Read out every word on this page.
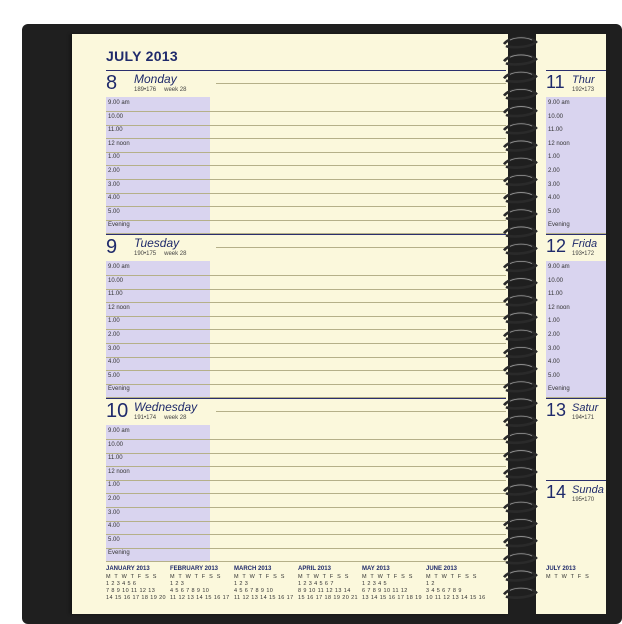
JULY 2013
8 Monday
189•176 week 28
9.00 am
10.00
11.00
12 noon
1.00
2.00
3.00
4.00
5.00
Evening
9 Tuesday
190•175 week 28
9.00 am
10.00
11.00
12 noon
1.00
2.00
3.00
4.00
5.00
Evening
10 Wednesday
191•174 week 28
9.00 am
10.00
11.00
12 noon
1.00
2.00
3.00
4.00
5.00
Evening
JANUARY 2013
M T W T F S S
1 2 3 4 5 6
7 8 9 10 11 12 13
14 15 16 17 18 19 20
FEBRUARY 2013
M T W T F S S
1 2 3
4 5 6 7 8 9 10
11 12 13 14 15 16 17
MARCH 2013
M T W T F S S
1 2 3
4 5 6 7 8 9 10
11 12 13 14 15 16 17
APRIL 2013
M T W T F S S
1 2 3 4 5 6 7
8 9 10 11 12 13 14
15 16 17 18 19 20 21
MAY 2013
M T W T F S S
1 2 3 4 5
6 7 8 9 10 11 12
13 14 15 16 17 18 19
JUNE 2013
M T W T F S S
1 2
3 4 5 6 7 8 9
10 11 12 13 14 15 16
11 Thur
192•173
9.00 am
10.00
11.00
12 noon
1.00
2.00
3.00
4.00
5.00
Evening
12 Frida
193•172
9.00 am
10.00
11.00
12 noon
1.00
2.00
3.00
4.00
5.00
Evening
13 Satur
194•171
14 Sunda
195•170
JULY 2013
M T W T F S
